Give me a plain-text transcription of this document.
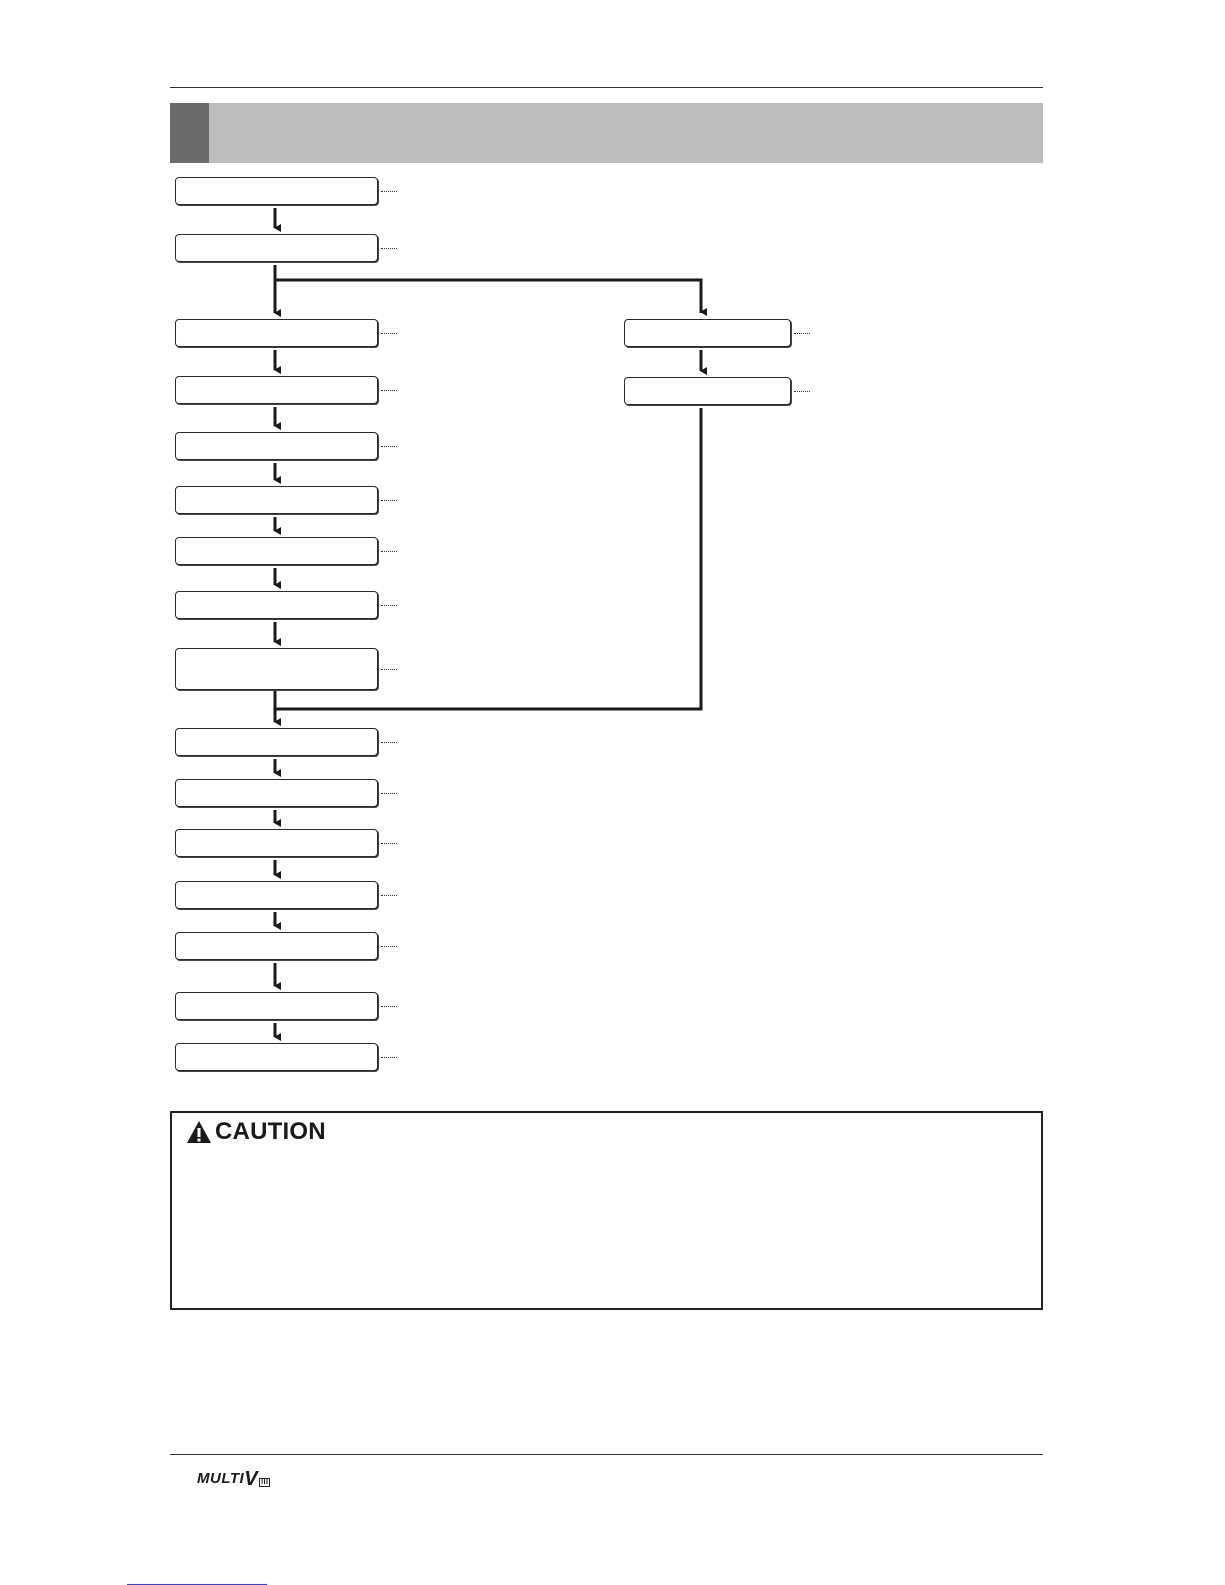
CAUTION
MULTI V III
